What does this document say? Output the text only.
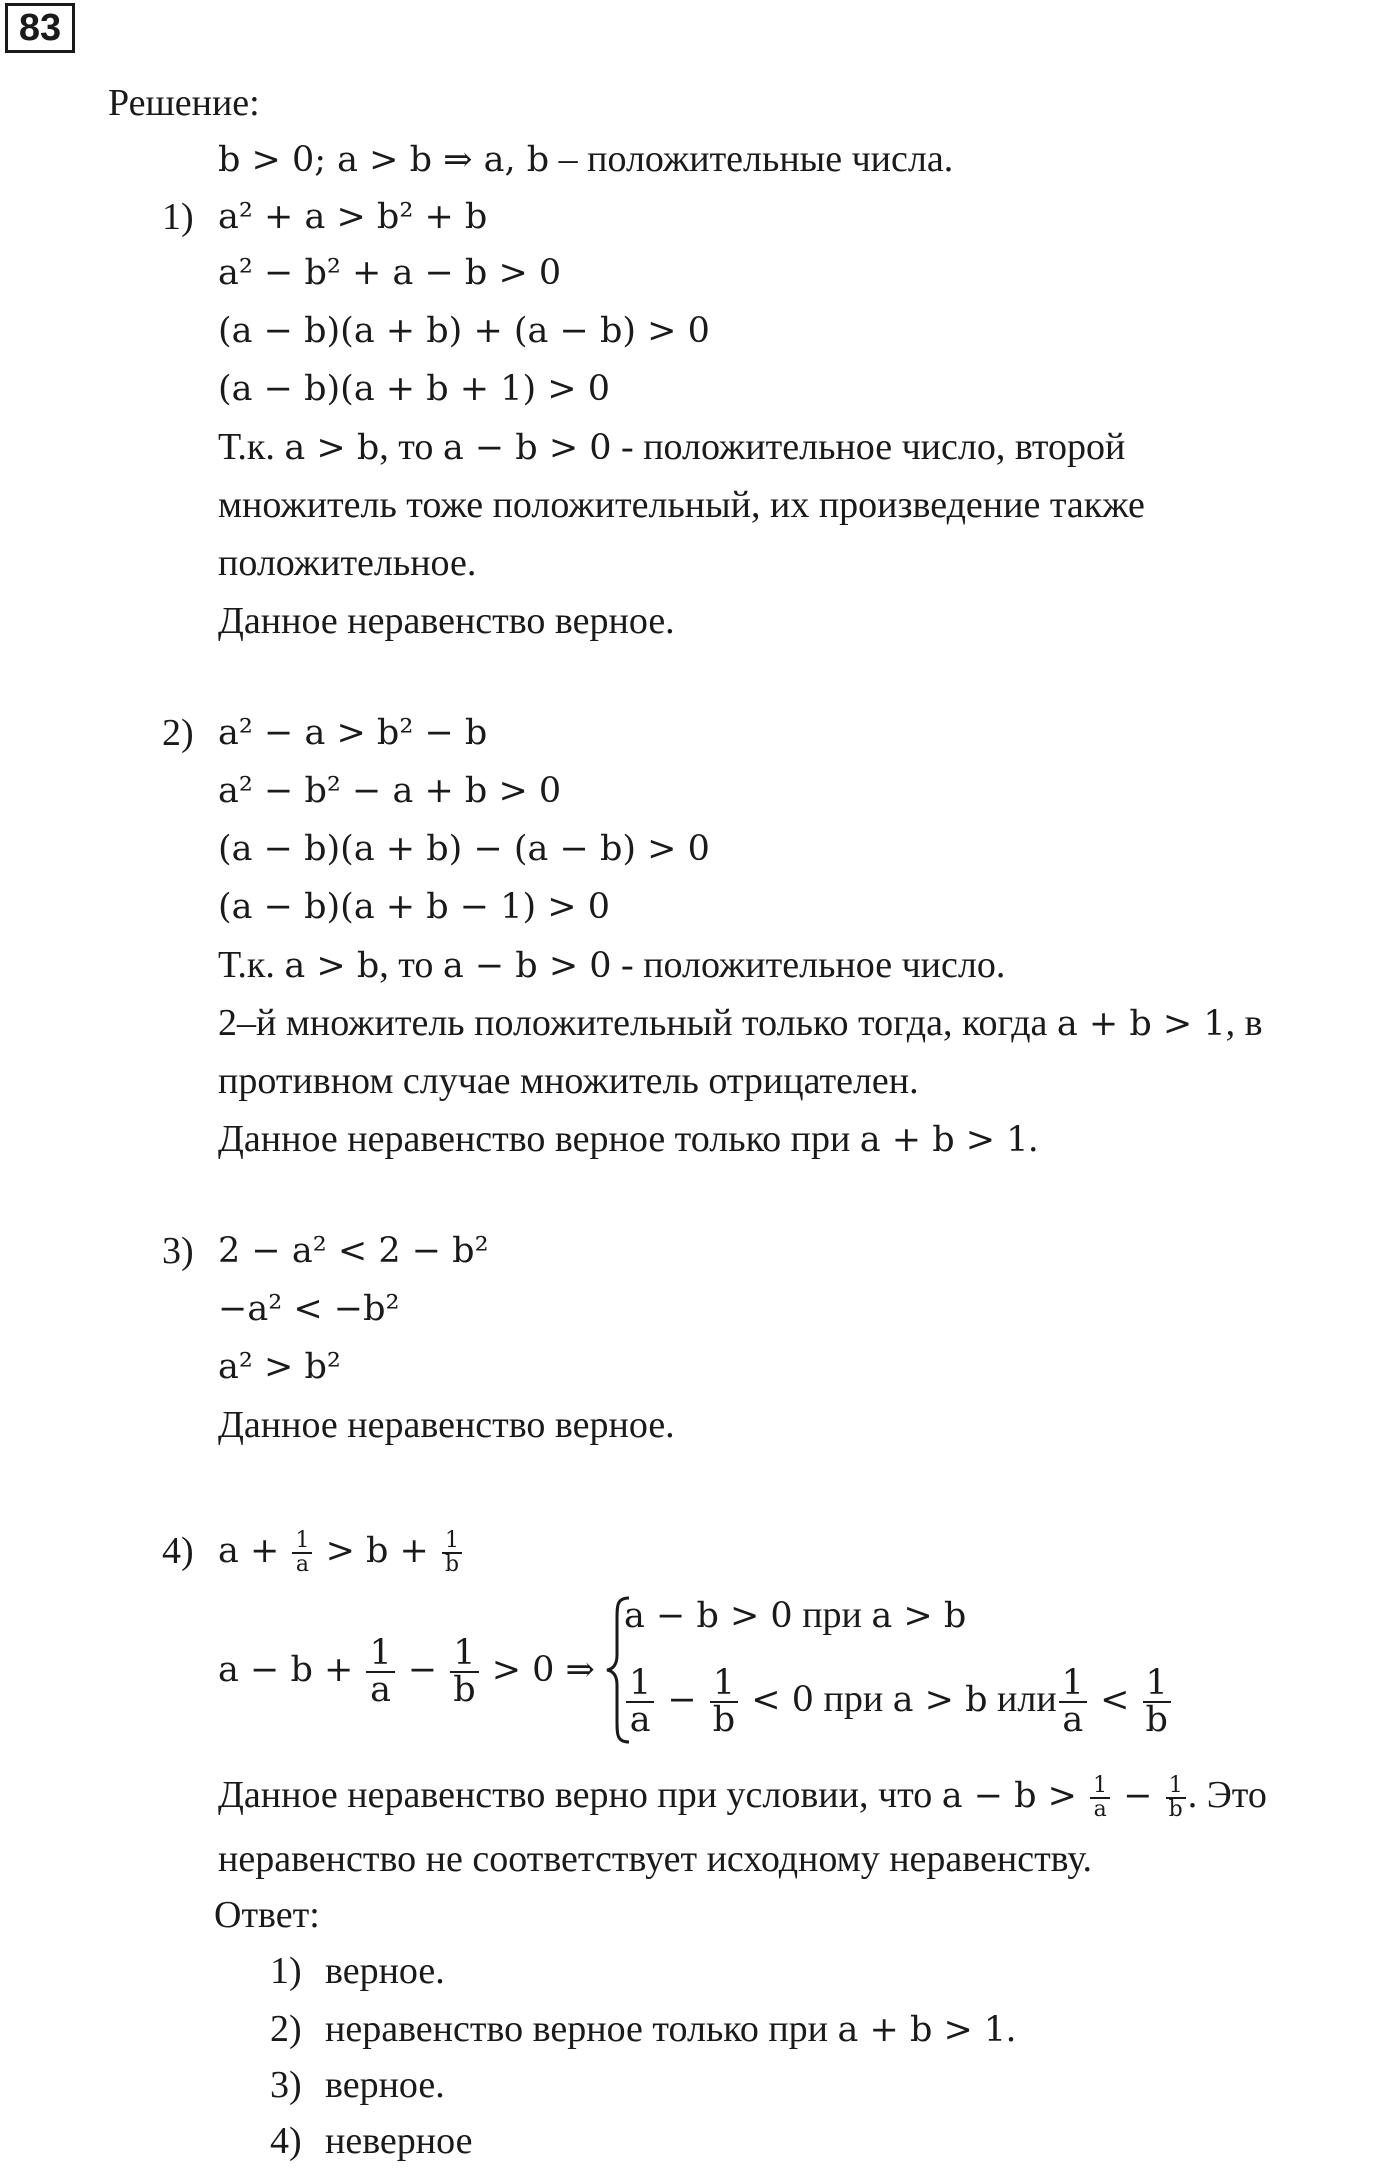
83
Решение:
b > 0; a > b ⇒ a, b – положительные числа.
1) a² + a > b² + b
a² − b² + a − b > 0
(a − b)(a + b) + (a − b) > 0
(a − b)(a + b + 1) > 0
Т.к. a > b, то a − b > 0 - положительное число, второй
множитель тоже положительный, их произведение также
положительное.
Данное неравенство верное.
2) a² − a > b² − b
a² − b² − a + b > 0
(a − b)(a + b) − (a − b) > 0
(a − b)(a + b − 1) > 0
Т.к. a > b, то a − b > 0 - положительное число.
2–й множитель положительный только тогда, когда a + b > 1, в
противном случае множитель отрицателен.
Данное неравенство верное только при a + b > 1.
3) 2 − a² < 2 − b²
−a² < −b²
a² > b²
Данное неравенство верное.
4) $a + \frac{1}{a} > b + \frac{1}{b}$
$a - b + \frac{1}{a} - \frac{1}{b} > 0$ ⇒
a − b > 0 при a > b
$\frac{1}{a} - \frac{1}{b} < 0$ при a > b или $\frac{1}{a} < \frac{1}{b}$
Данное неравенство верно при условии, что $a - b > \frac{1}{a} - \frac{1}{b}$ . Это
неравенство не соответствует исходному неравенству.
Ответ:
1) верное.
2) неравенство верное только при a + b > 1.
3) верное.
4) неверное
